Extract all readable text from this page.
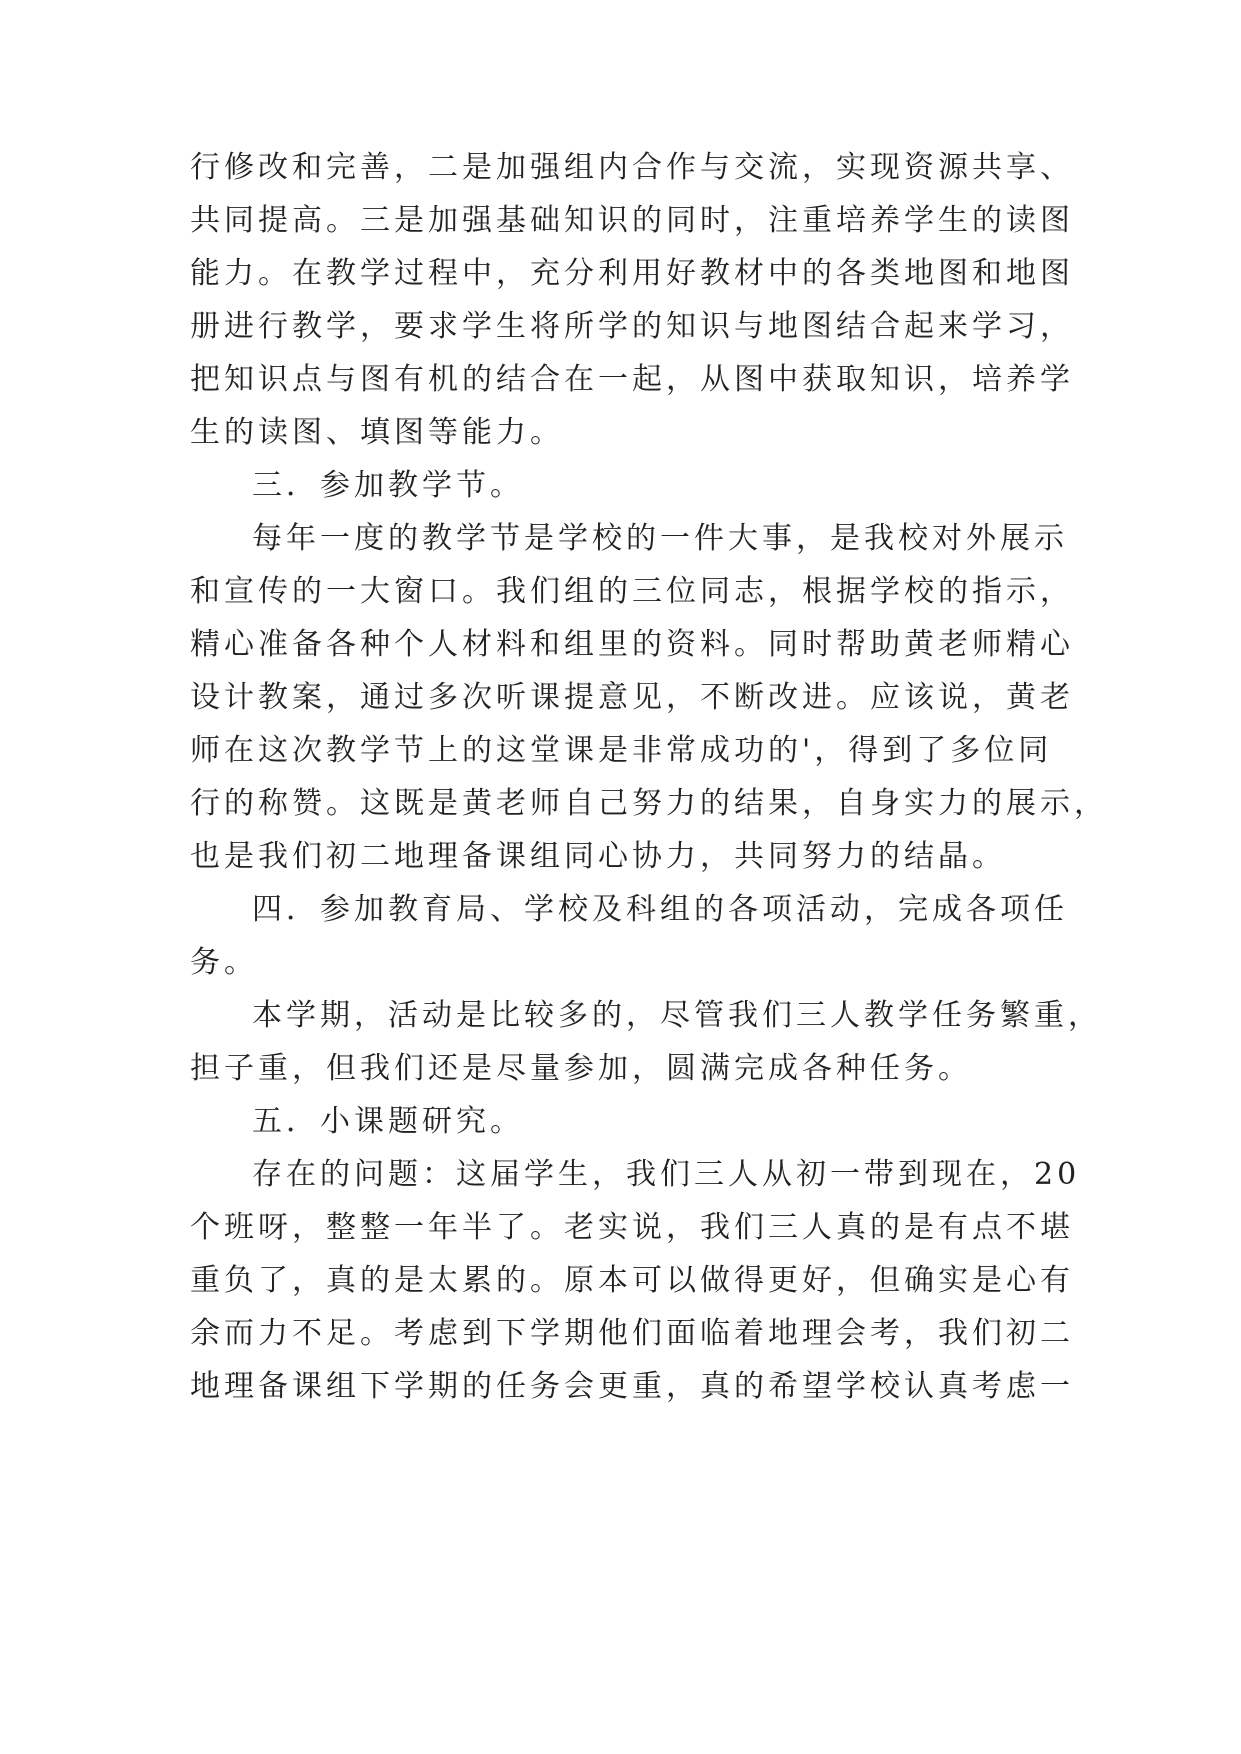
行修改和完善，二是加强组内合作与交流，实现资源共享、
共同提高。三是加强基础知识的同时，注重培养学生的读图
能力。在教学过程中，充分利用好教材中的各类地图和地图
册进行教学，要求学生将所学的知识与地图结合起来学习，
把知识点与图有机的结合在一起，从图中获取知识，培养学
生的读图、填图等能力。
三．参加教学节。
每年一度的教学节是学校的一件大事，是我校对外展示
和宣传的一大窗口。我们组的三位同志，根据学校的指示，
精心准备各种个人材料和组里的资料。同时帮助黄老师精心
设计教案，通过多次听课提意见，不断改进。应该说，黄老
师在这次教学节上的这堂课是非常成功的'，得到了多位同
行的称赞。这既是黄老师自己努力的结果，自身实力的展示，
也是我们初二地理备课组同心协力，共同努力的结晶。
四．参加教育局、学校及科组的各项活动，完成各项任
务。
本学期，活动是比较多的，尽管我们三人教学任务繁重，
担子重，但我们还是尽量参加，圆满完成各种任务。
五．小课题研究。
存在的问题：这届学生，我们三人从初一带到现在，20
个班呀，整整一年半了。老实说，我们三人真的是有点不堪
重负了，真的是太累的。原本可以做得更好，但确实是心有
余而力不足。考虑到下学期他们面临着地理会考，我们初二
地理备课组下学期的任务会更重，真的希望学校认真考虑一
